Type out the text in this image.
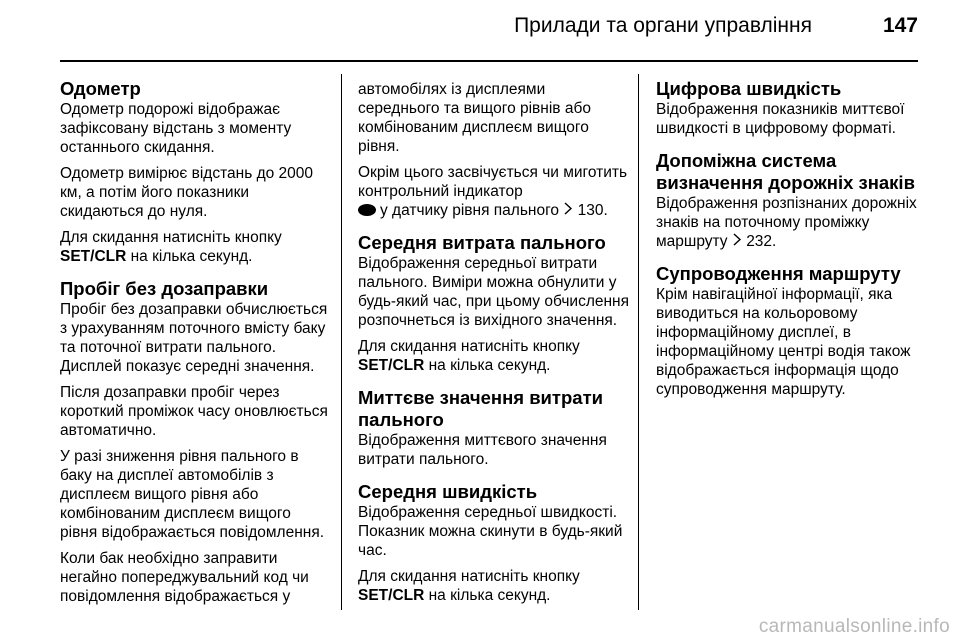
Прилади та органи управління	147
Одометр

Одометр подорожі відображає зафіксовану відстань з моменту останнього скидання.

Одометр вимірює відстань до 2000 км, а потім його показники скидаються до нуля.

Для скидання натисніть кнопку SET/CLR на кілька секунд.

Пробіг без дозаправки

Пробіг без дозаправки обчислюється з урахуванням поточного вмісту баку та поточної витрати пального. Дисплей показує середні значення.

Після дозаправки пробіг через короткий проміжок часу оновлюється автоматично.

У разі зниження рівня пального в баку на дисплеї автомобілів з дисплеєм вищого рівня або комбінованим дисплеєм вищого рівня відображається повідомлення.

Коли бак необхідно заправити негайно попереджувальний код чи повідомлення відображається у

автомобілях із дисплеями середнього та вищого рівнів або комбінованим дисплеєм вищого рівня.

Окрім цього засвічується чи миготить контрольний індикатор
у датчику рівня пального 130.

Середня витрата пального

Відображення середньої витрати пального. Виміри можна обнулити у будь-який час, при цьому обчислення розпочнеться із вихідного значення.

Для скидання натисніть кнопку SET/CLR на кілька секунд.

Миттєве значення витрати пального

Відображення миттєвого значення витрати пального.

Середня швидкість

Відображення середньої швидкості. Показник можна скинути в будь-який час.

Для скидання натисніть кнопку SET/CLR на кілька секунд.

Цифрова швидкість

Відображення показників миттєвої швидкості в цифровому форматі.

Допоміжна система визначення дорожніх знаків

Відображення розпізнаних дорожніх знаків на поточному проміжку маршруту 232.

Супроводження маршруту

Крім навігаційної інформації, яка виводиться на кольоровому інформаційному дисплеї, в інформаційному центрі водія також відображається інформація щодо супроводження маршруту.

carmanualsonline.info
